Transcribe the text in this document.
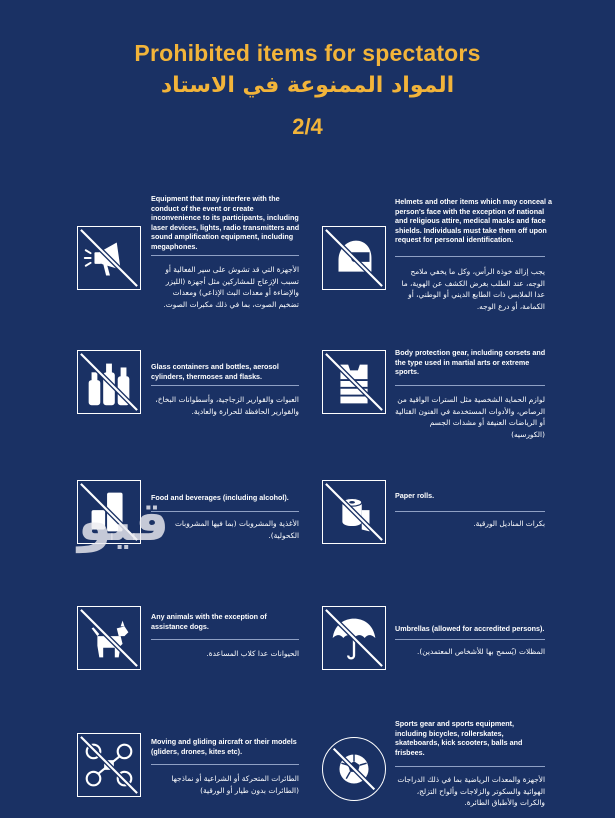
Prohibited items for spectators
المواد الممنوعة في الاستاد
2/4
Equipment that may interfere with the conduct of the event or create inconvenience to its participants, including laser devices, lights, radio transmitters and sound amplification equipment, including megaphones.
الأجهزة التي قد تشوش على سير الفعالية أو تسبب الإزعاج للمشاركين مثل أجهزة (الليزر والإضاءة أو معدات البث الإذاعي) ومعدات تضخيم الصوت، بما في ذلك مكبرات الصوت.
Helmets and other items which may conceal a person's face with the exception of national and religious attire, medical masks and face shields. Individuals must take them off upon request for personal identification.
يجب إزالة خوذة الرأس، وكل ما يخفي ملامح الوجه، عند الطلب بغرض الكشف عن الهوية، ما عدا الملابس ذات الطابع الديني أو الوطني، أو الكمامة، أو درع الوجه.
Glass containers and bottles, aerosol cylinders, thermoses and flasks.
العبوات والقوارير الزجاجية، وأسطوانات البخاخ، والقوارير الحافظة للحرارة والعادية.
Body protection gear, including corsets and the type used in martial arts or extreme sports.
لوازم الحماية الشخصية مثل السترات الواقية من الرصاص، والأدوات المستخدمة في الفنون القتالية أو الرياضات العنيفة أو مشدات الجسم (الكورسيه)
Food and beverages (including alcohol).
الأغذية والمشروبات (بما فيها المشروبات الكحولية).
Paper rolls.
بكرات المناديل الورقية.
Any animals with the exception of assistance dogs.
الحيوانات عدا كلاب المساعدة.
Umbrellas (allowed for accredited persons).
المظلات (يُسمح بها للأشخاص المعتمدين).
Moving and gliding aircraft or their models (gliders, drones, kites etc).
الطائرات المتحركة أو الشراعية أو نماذجها (الطائرات بدون طيار أو الورقية)
Sports gear and sports equipment, including bicycles, rollerskates, skateboards, kick scooters, balls and frisbees.
الأجهزة والمعدات الرياضية بما في ذلك الدراجات الهوائية والسكوتر والزلاجات وألواح التزلج، والكرات والأطباق الطائرة.
قيو
